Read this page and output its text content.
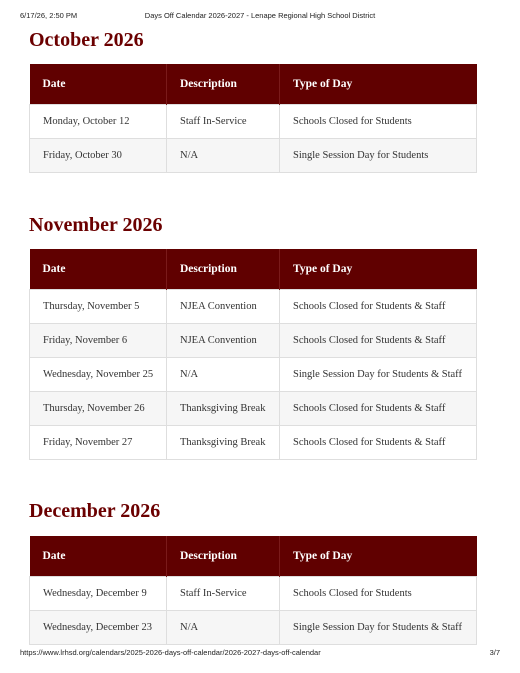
6/17/26, 2:50 PM	Days Off Calendar 2026-2027 - Lenape Regional High School District
October 2026
Date	Description	Type of Day
Monday, October 12	Staff In-Service	Schools Closed for Students
Friday, October 30	N/A	Single Session Day for Students
November 2026
Date	Description	Type of Day
Thursday, November 5	NJEA Convention	Schools Closed for Students & Staff
Friday, November 6	NJEA Convention	Schools Closed for Students & Staff
Wednesday, November 25	N/A	Single Session Day for Students & Staff
Thursday, November 26	Thanksgiving Break	Schools Closed for Students & Staff
Friday, November 27	Thanksgiving Break	Schools Closed for Students & Staff
December 2026
Date	Description	Type of Day
Wednesday, December 9	Staff In-Service	Schools Closed for Students
Wednesday, December 23	N/A	Single Session Day for Students & Staff
https://www.lrhsd.org/calendars/2025-2026-days-off-calendar/2026-2027-days-off-calendar	3/7
